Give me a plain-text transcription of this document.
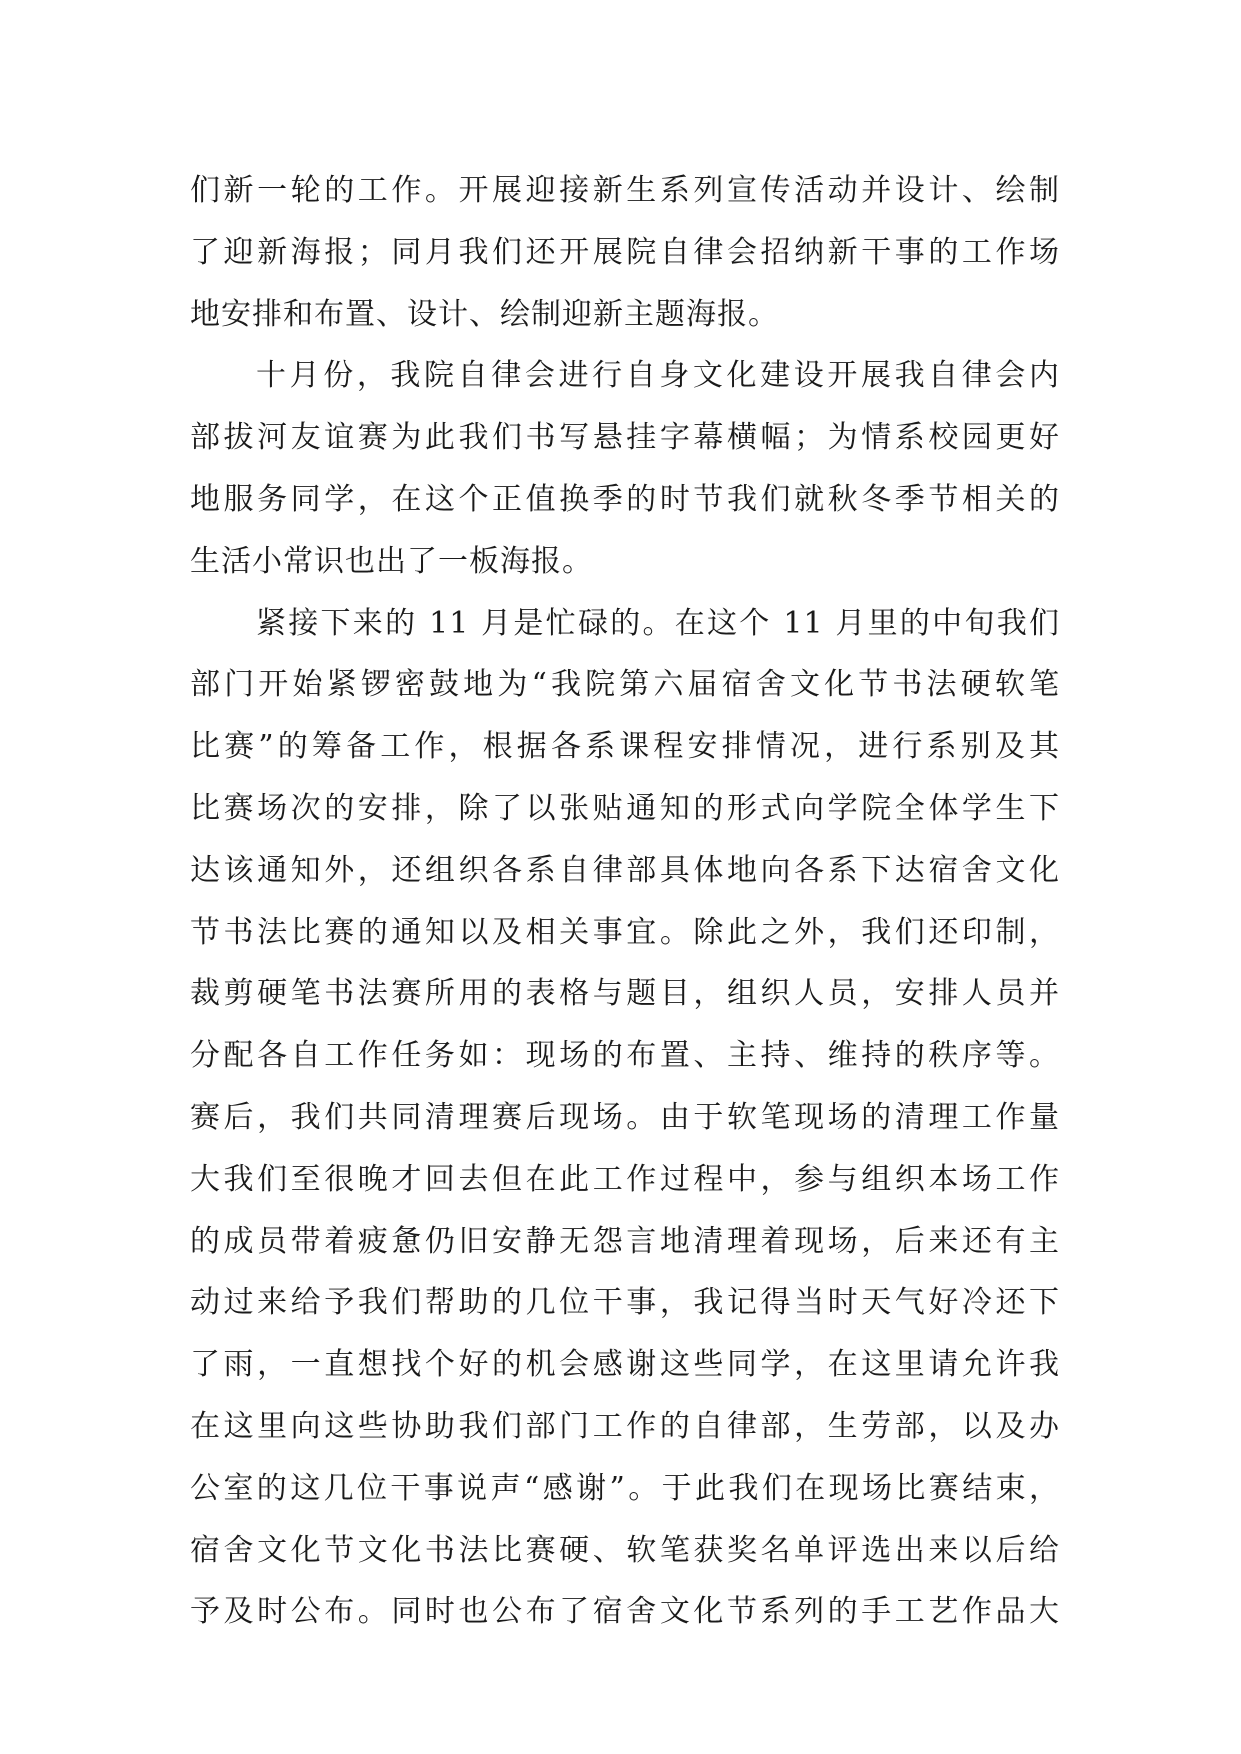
们新一轮的工作。开展迎接新生系列宣传活动并设计、绘制
了迎新海报；同月我们还开展院自律会招纳新干事的工作场
地安排和布置、设计、绘制迎新主题海报。
十月份，我院自律会进行自身文化建设开展我自律会内
部拔河友谊赛为此我们书写悬挂字幕横幅；为情系校园更好
地服务同学，在这个正值换季的时节我们就秋冬季节相关的
生活小常识也出了一板海报。
紧接下来的 11 月是忙碌的。在这个 11 月里的中旬我们
部门开始紧锣密鼓地为“我院第六届宿舍文化节书法硬软笔
比赛”的筹备工作，根据各系课程安排情况，进行系别及其
比赛场次的安排，除了以张贴通知的形式向学院全体学生下
达该通知外，还组织各系自律部具体地向各系下达宿舍文化
节书法比赛的通知以及相关事宜。除此之外，我们还印制，
裁剪硬笔书法赛所用的表格与题目，组织人员，安排人员并
分配各自工作任务如：现场的布置、主持、维持的秩序等。
赛后，我们共同清理赛后现场。由于软笔现场的清理工作量
大我们至很晚才回去但在此工作过程中，参与组织本场工作
的成员带着疲惫仍旧安静无怨言地清理着现场，后来还有主
动过来给予我们帮助的几位干事，我记得当时天气好冷还下
了雨，一直想找个好的机会感谢这些同学，在这里请允许我
在这里向这些协助我们部门工作的自律部，生劳部，以及办
公室的这几位干事说声“感谢”。于此我们在现场比赛结束，
宿舍文化节文化书法比赛硬、软笔获奖名单评选出来以后给
予及时公布。同时也公布了宿舍文化节系列的手工艺作品大
